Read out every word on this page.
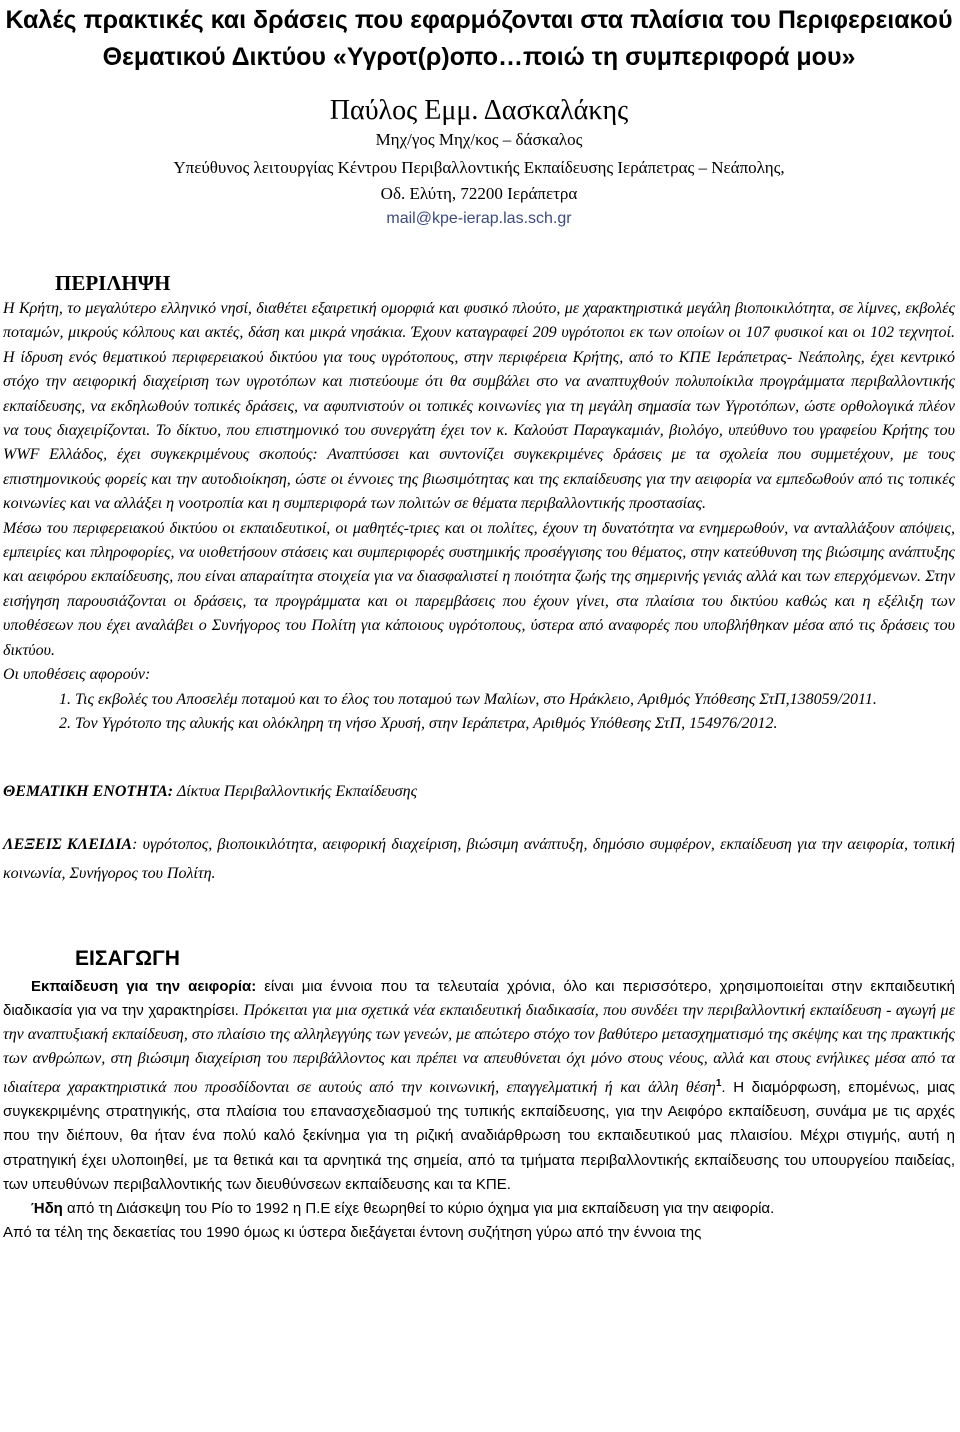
Καλές πρακτικές και δράσεις που εφαρμόζονται στα πλαίσια του Περιφερειακού Θεματικού Δικτύου «Υγροτ(ρ)οπο…ποιώ τη συμπεριφορά μου»
Παύλος Εμμ. Δασκαλάκης
Μηχ/γος Μηχ/κος – δάσκαλος
Υπεύθυνος λειτουργίας Κέντρου Περιβαλλοντικής Εκπαίδευσης Ιεράπετρας – Νεάπολης,
Οδ. Ελύτη, 72200 Ιεράπετρα
mail@kpe-ierap.las.sch.gr
ΠΕΡΙΛΗΨΗ

Η Κρήτη, το μεγαλύτερο ελληνικό νησί, διαθέτει εξαιρετική ομορφιά και φυσικό πλούτο, με χαρακτηριστικά μεγάλη βιοποικιλότητα, σε λίμνες, εκβολές ποταμών, μικρούς κόλπους και ακτές, δάση και μικρά νησάκια. Έχουν καταγραφεί 209 υγρότοποι εκ των οποίων οι 107 φυσικοί και οι 102 τεχνητοί. Η ίδρυση ενός θεματικού περιφερειακού δικτύου για τους υγρότοπους, στην περιφέρεια Κρήτης, από το ΚΠΕ Ιεράπετρας- Νεάπολης, έχει κεντρικό στόχο την αειφορική διαχείριση των υγροτόπων και πιστεύουμε ότι θα συμβάλει στο να αναπτυχθούν πολυποίκιλα προγράμματα περιβαλλοντικής εκπαίδευσης, να εκδηλωθούν τοπικές δράσεις, να αφυπνιστούν οι τοπικές κοινωνίες για τη μεγάλη σημασία των Υγροτόπων, ώστε ορθολογικά πλέον να τους διαχειρίζονται. Το δίκτυο, που επιστημονικό του συνεργάτη έχει τον κ. Καλούστ Παραγκαμιάν, βιολόγο, υπεύθυνο του γραφείου Κρήτης του WWF Ελλάδος, έχει συγκεκριμένους σκοπούς: Αναπτύσσει και συντονίζει συγκεκριμένες δράσεις με τα σχολεία που συμμετέχουν, με τους επιστημονικούς φορείς και την αυτοδιοίκηση, ώστε οι έννοιες της βιωσιμότητας και της εκπαίδευσης για την αειφορία να εμπεδωθούν από τις τοπικές κοινωνίες και να αλλάξει η νοοτροπία και η συμπεριφορά των πολιτών σε θέματα περιβαλλοντικής προστασίας.

Μέσω του περιφερειακού δικτύου οι εκπαιδευτικοί, οι μαθητές-τριες και οι πολίτες, έχουν τη δυνατότητα να ενημερωθούν, να ανταλλάξουν απόψεις, εμπειρίες και πληροφορίες, να υιοθετήσουν στάσεις και συμπεριφορές συστημικής προσέγγισης του θέματος, στην κατεύθυνση της βιώσιμης ανάπτυξης και αειφόρου εκπαίδευσης, που είναι απαραίτητα στοιχεία για να διασφαλιστεί η ποιότητα ζωής της σημερινής γενιάς αλλά και των επερχόμενων. Στην εισήγηση παρουσιάζονται οι δράσεις, τα προγράμματα και οι παρεμβάσεις που έχουν γίνει, στα πλαίσια του δικτύου καθώς και η εξέλιξη των υποθέσεων που έχει αναλάβει ο Συνήγορος του Πολίτη για κάποιους υγρότοπους, ύστερα από αναφορές που υποβλήθηκαν μέσα από τις δράσεις του δικτύου.

Οι υποθέσεις αφορούν:

1. Τις εκβολές του Αποσελέμ ποταμού και το έλος του ποταμού των Μαλίων, στο Ηράκλειο, Αριθμός Υπόθεσης ΣτΠ,138059/2011.
2. Τον Υγρότοπο της αλυκής και ολόκληρη τη νήσο Χρυσή, στην Ιεράπετρα, Αριθμός Υπόθεσης ΣτΠ, 154976/2012.
ΘΕΜΑΤΙΚΗ ΕΝΟΤΗΤΑ: Δίκτυα Περιβαλλοντικής Εκπαίδευσης
ΛΕΞΕΙΣ ΚΛΕΙΔΙΑ: υγρότοπος, βιοποικιλότητα, αειφορική διαχείριση, βιώσιμη ανάπτυξη, δημόσιο συμφέρον, εκπαίδευση για την αειφορία, τοπική κοινωνία, Συνήγορος του Πολίτη.
ΕΙΣΑΓΩΓΗ

Εκπαίδευση για την αειφορία: είναι μια έννοια που τα τελευταία χρόνια, όλο και περισσότερο, χρησιμοποιείται στην εκπαιδευτική διαδικασία για να την χαρακτηρίσει. Πρόκειται για μια σχετικά νέα εκπαιδευτική διαδικασία, που συνδέει την περιβαλλοντική εκπαίδευση - αγωγή με την αναπτυξιακή εκπαίδευση, στο πλαίσιο της αλληλεγγύης των γενεών, με απώτερο στόχο τον βαθύτερο μετασχηματισμό της σκέψης και της πρακτικής των ανθρώπων, στη βιώσιμη διαχείριση του περιβάλλοντος και πρέπει να απευθύνεται όχι μόνο στους νέους, αλλά και στους ενήλικες μέσα από τα ιδιαίτερα χαρακτηριστικά που προσδίδονται σε αυτούς από την κοινωνική, επαγγελματική ή και άλλη θέση$^1$. Η διαμόρφωση, επομένως, μιας συγκεκριμένης στρατηγικής, στα πλαίσια του επανασχεδιασμού της τυπικής εκπαίδευσης, για την Αειφόρο εκπαίδευση, συνάμα με τις αρχές που την διέπουν, θα ήταν ένα πολύ καλό ξεκίνημα για τη ριζική αναδιάρθρωση του εκπαιδευτικού μας πλαισίου. Μέχρι στιγμής, αυτή η στρατηγική έχει υλοποιηθεί, με τα θετικά και τα αρνητικά της σημεία, από τα τμήματα περιβαλλοντικής εκπαίδευσης του υπουργείου παιδείας, των υπευθύνων περιβαλλοντικής των διευθύνσεων εκπαίδευσης και τα ΚΠΕ.

Ήδη από τη Διάσκεψη του Ρίο το 1992 η Π.Ε είχε θεωρηθεί το κύριο όχημα για μια εκπαίδευση για την αειφορία.

Από τα τέλη της δεκαετίας του 1990 όμως κι ύστερα διεξάγεται έντονη συζήτηση γύρω από την έννοια της
